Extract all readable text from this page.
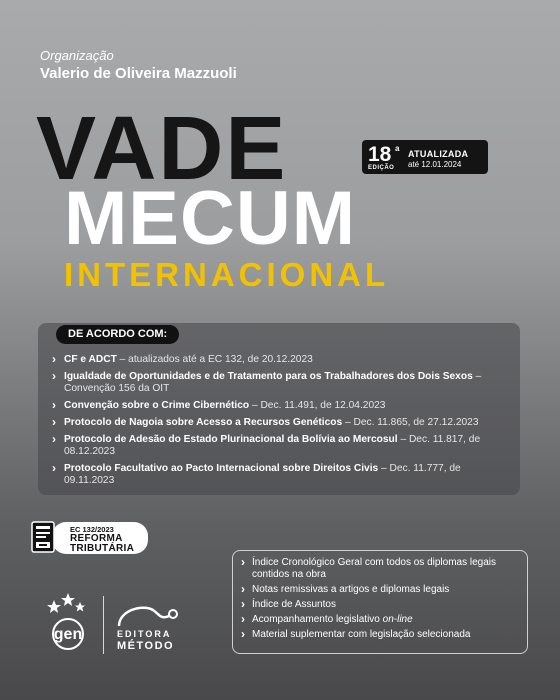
Organização
Valerio de Oliveira Mazzuoli
VADE
MECUM
INTERNACIONAL
18 a
EDIÇÃO
ATUALIZADA
até 12.01.2024
DE ACORDO COM:
› CF e ADCT – atualizados até a EC 132, de 20.12.2023
› Igualdade de Oportunidades e de Tratamento para os Trabalhadores dos Dois Sexos – Convenção 156 da OIT
› Convenção sobre o Crime Cibernético – Dec. 11.491, de 12.04.2023
› Protocolo de Nagoia sobre Acesso a Recursos Genéticos – Dec. 11.865, de 27.12.2023
› Protocolo de Adesão do Estado Plurinacional da Bolívia ao Mercosul – Dec. 11.817, de 08.12.2023
› Protocolo Facultativo ao Pacto Internacional sobre Direitos Civis – Dec. 11.777, de 09.11.2023
EC 132/2023
REFORMA
TRIBUTÁRIA
gen	EDITORA
MÉTODO
› Índice Cronológico Geral com todos os diplomas legais contidos na obra
› Notas remissivas a artigos e diplomas legais
› Índice de Assuntos
› Acompanhamento legislativo on-line
› Material suplementar com legislação selecionada
